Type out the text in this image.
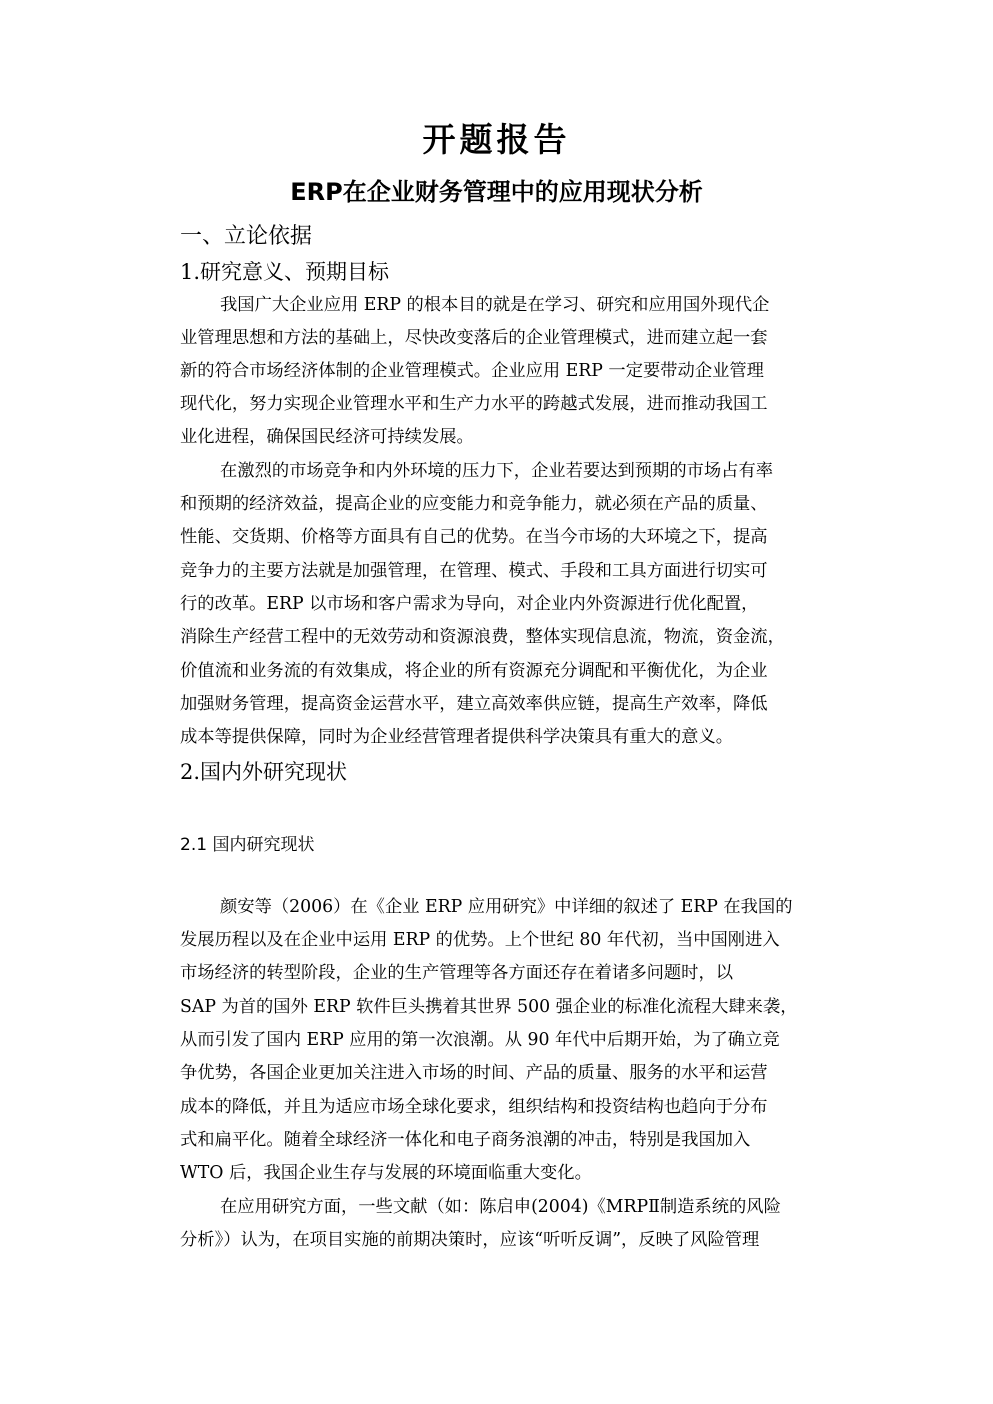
开题报告
ERP在企业财务管理中的应用现状分析
一、立论依据
1.研究意义、预期目标
我国广大企业应用 ERP 的根本目的就是在学习、研究和应用国外现代企
业管理思想和方法的基础上，尽快改变落后的企业管理模式，进而建立起一套
新的符合市场经济体制的企业管理模式。企业应用 ERP 一定要带动企业管理
现代化，努力实现企业管理水平和生产力水平的跨越式发展，进而推动我国工
业化进程，确保国民经济可持续发展。
在激烈的市场竞争和内外环境的压力下，企业若要达到预期的市场占有率
和预期的经济效益，提高企业的应变能力和竞争能力，就必须在产品的质量、
性能、交货期、价格等方面具有自己的优势。在当今市场的大环境之下，提高
竞争力的主要方法就是加强管理，在管理、模式、手段和工具方面进行切实可
行的改革。ERP 以市场和客户需求为导向，对企业内外资源进行优化配置，
消除生产经营工程中的无效劳动和资源浪费，整体实现信息流，物流，资金流，
价值流和业务流的有效集成，将企业的所有资源充分调配和平衡优化，为企业
加强财务管理，提高资金运营水平，建立高效率供应链，提高生产效率，降低
成本等提供保障，同时为企业经营管理者提供科学决策具有重大的意义。
2.国内外研究现状
2.1 国内研究现状
颜安等（2006）在《企业 ERP 应用研究》中详细的叙述了 ERP 在我国的
发展历程以及在企业中运用 ERP 的优势。上个世纪 80 年代初，当中国刚进入
市场经济的转型阶段，企业的生产管理等各方面还存在着诸多问题时，以
SAP 为首的国外 ERP 软件巨头携着其世界 500 强企业的标准化流程大肆来袭，
从而引发了国内 ERP 应用的第一次浪潮。从 90 年代中后期开始，为了确立竞
争优势，各国企业更加关注进入市场的时间、产品的质量、服务的水平和运营
成本的降低，并且为适应市场全球化要求，组织结构和投资结构也趋向于分布
式和扁平化。随着全球经济一体化和电子商务浪潮的冲击，特别是我国加入
WTO 后，我国企业生存与发展的环境面临重大变化。
在应用研究方面，一些文献（如：陈启申(2004)《MRPⅡ制造系统的风险
分析》）认为，在项目实施的前期决策时，应该“听听反调”，反映了风险管理
